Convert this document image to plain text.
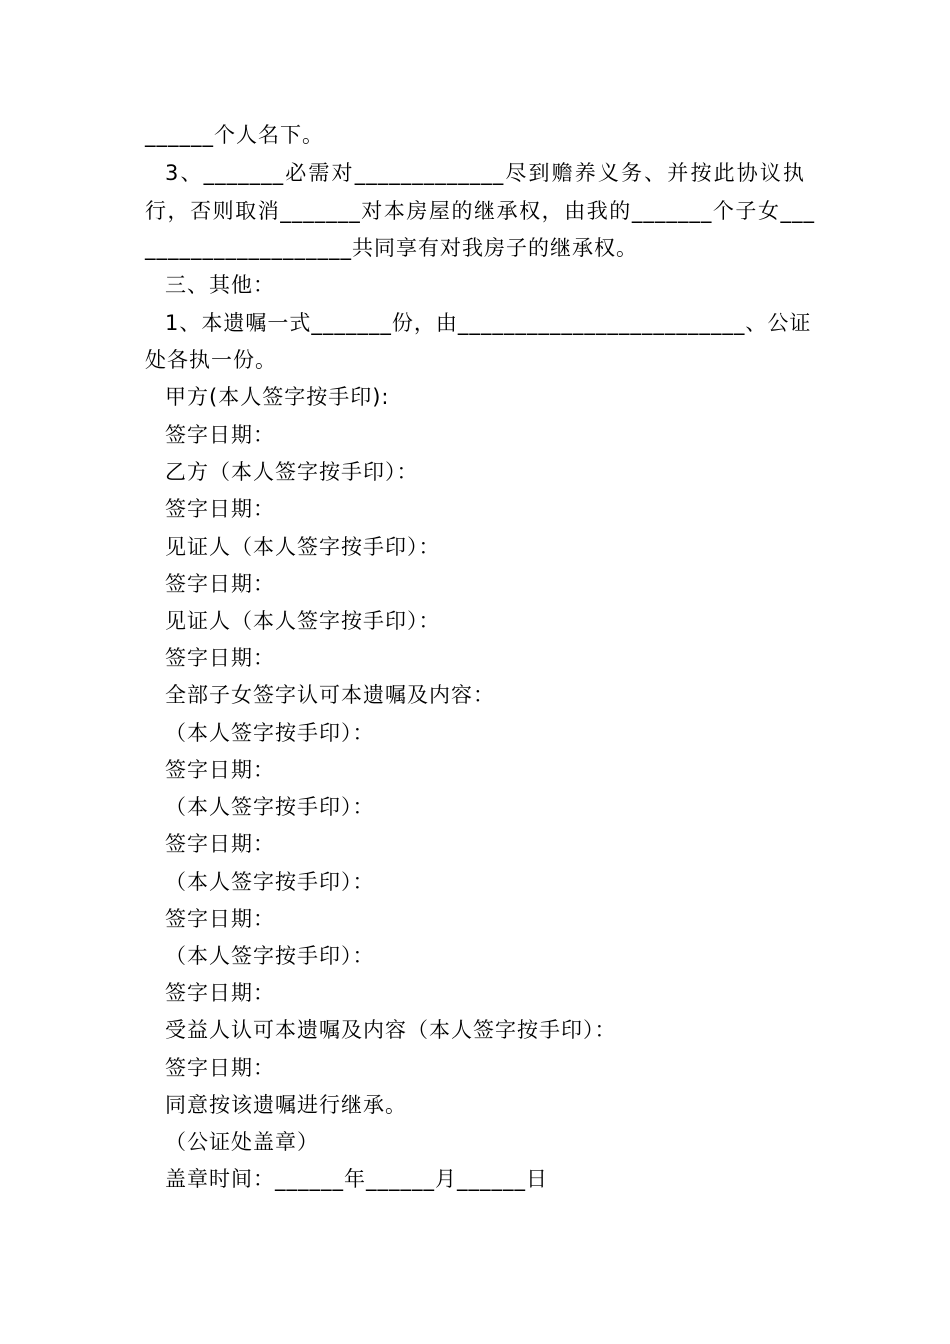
______个人名下。
3、_______必需对_____________尽到赡养义务、并按此协议执
行，否则取消_______对本房屋的继承权，由我的_______个子女___
__________________共同享有对我房子的继承权。
三、其他：
1、本遗嘱一式_______份，由_________________________、公证
处各执一份。
甲方(本人签字按手印):
签字日期：
乙方（本人签字按手印）：
签字日期：
见证人（本人签字按手印）：
签字日期：
见证人（本人签字按手印）：
签字日期：
全部子女签字认可本遗嘱及内容：
（本人签字按手印）：
签字日期：
（本人签字按手印）：
签字日期：
（本人签字按手印）：
签字日期：
（本人签字按手印）：
签字日期：
受益人认可本遗嘱及内容（本人签字按手印）：
签字日期：
同意按该遗嘱进行继承。
（公证处盖章）
盖章时间：______年______月______日
